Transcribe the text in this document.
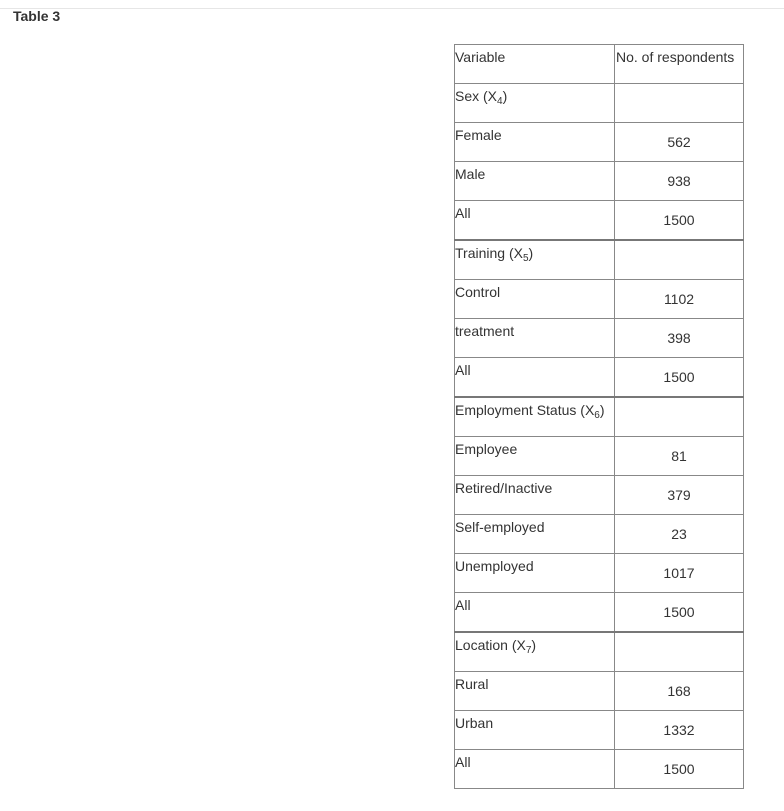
Table 3
Variable	No. of respondents
Sex $(X_4)$	
Female	562
Male	938
All	1500
Training $(X_5)$	
Control	1102
treatment	398
All	1500
Employment Status $(X_6)$	
Employee	81
Retired/Inactive	379
Self-employed	23
Unemployed	1017
All	1500
Location $(X_7)$	
Rural	168
Urban	1332
All	1500
